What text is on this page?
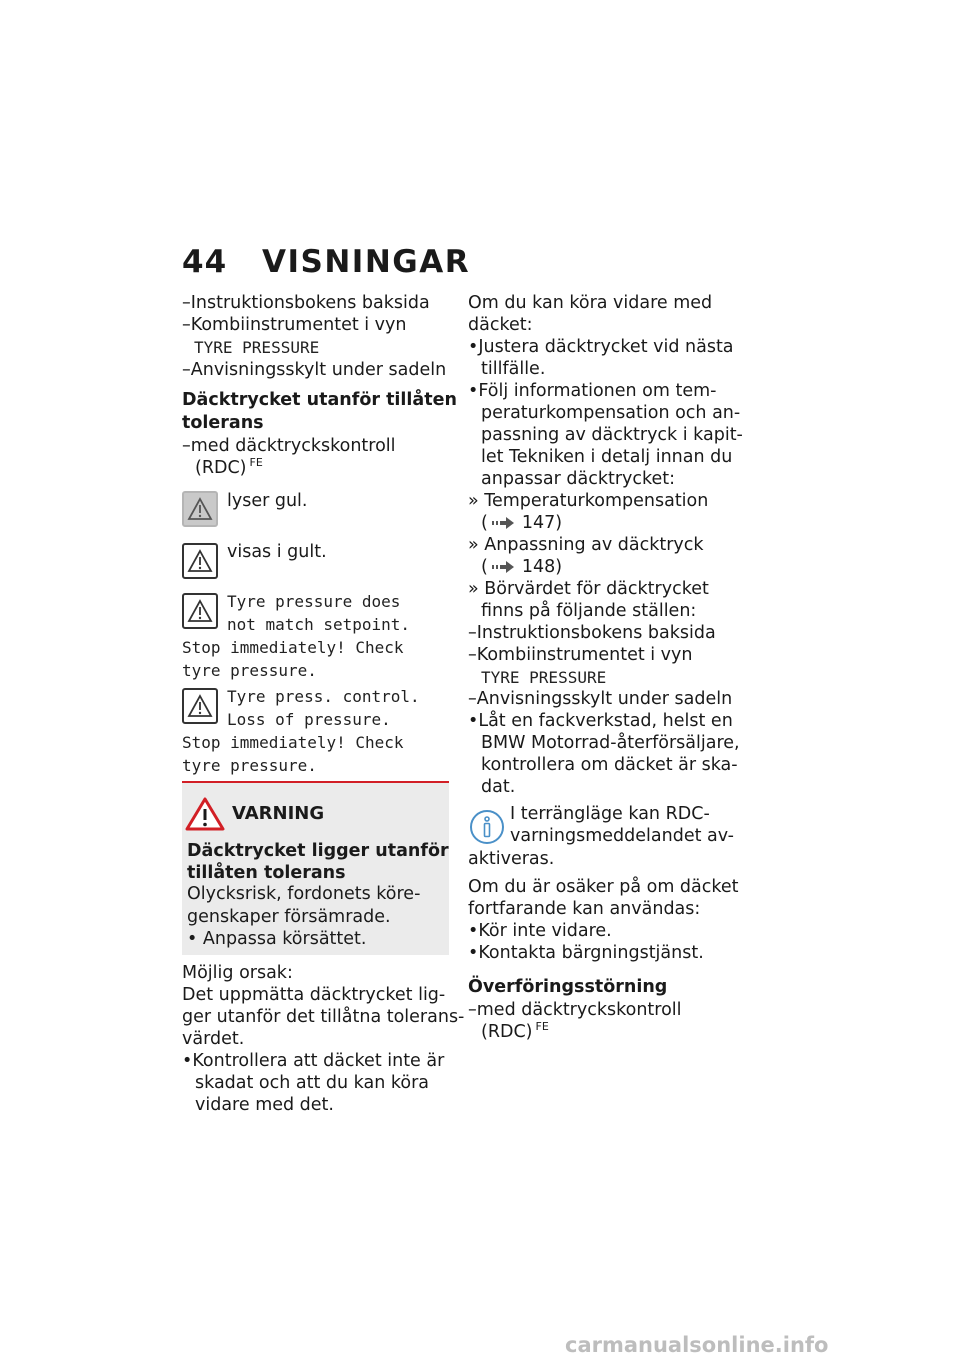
44 VISNINGAR
–Instruktionsbokens baksida
–Kombiinstrumentet i vyn
TYRE PRESSURE
–Anvisningsskylt under sadeln
Däcktrycket utanför tillåten
tolerans
–med däcktryckskontroll
(RDC) $^{FE}$
lyser gul.
visas i gult.
Tyre pressure does
not match setpoint.
Stop immediately! Check
tyre pressure.
Tyre press. control.
Loss of pressure.
Stop immediately! Check
tyre pressure.
VARNING
Däcktrycket ligger utanför
tillåten tolerans
Olycksrisk, fordonets köre-
genskaper försämrade.
• Anpassa körsättet.
Möjlig orsak:
Det uppmätta däcktrycket lig-
ger utanför det tillåtna tolerans-
värdet.
•Kontrollera att däcket inte är
skadat och att du kan köra
vidare med det.
Om du kan köra vidare med
däcket:
•Justera däcktrycket vid nästa
tillfälle.
•Följ informationen om tem-
peraturkompensation och an-
passning av däcktryck i kapit-
let Tekniken i detalj innan du
anpassar däcktrycket:
» Temperaturkompensation
( 147)
» Anpassning av däcktryck
( 148)
» Börvärdet för däcktrycket
finns på följande ställen:
–Instruktionsbokens baksida
–Kombiinstrumentet i vyn
TYRE PRESSURE
–Anvisningsskylt under sadeln
•Låt en fackverkstad, helst en
BMW Motorrad-återförsäljare,
kontrollera om däcket är ska-
dat.
I terrängläge kan RDC-
varningsmeddelandet av-
aktiveras.
Om du är osäker på om däcket
fortfarande kan användas:
•Kör inte vidare.
•Kontakta bärgningstjänst.
Överföringsstörning
–med däcktryckskontroll
(RDC) $^{FE}$
carmanualsonline.info
